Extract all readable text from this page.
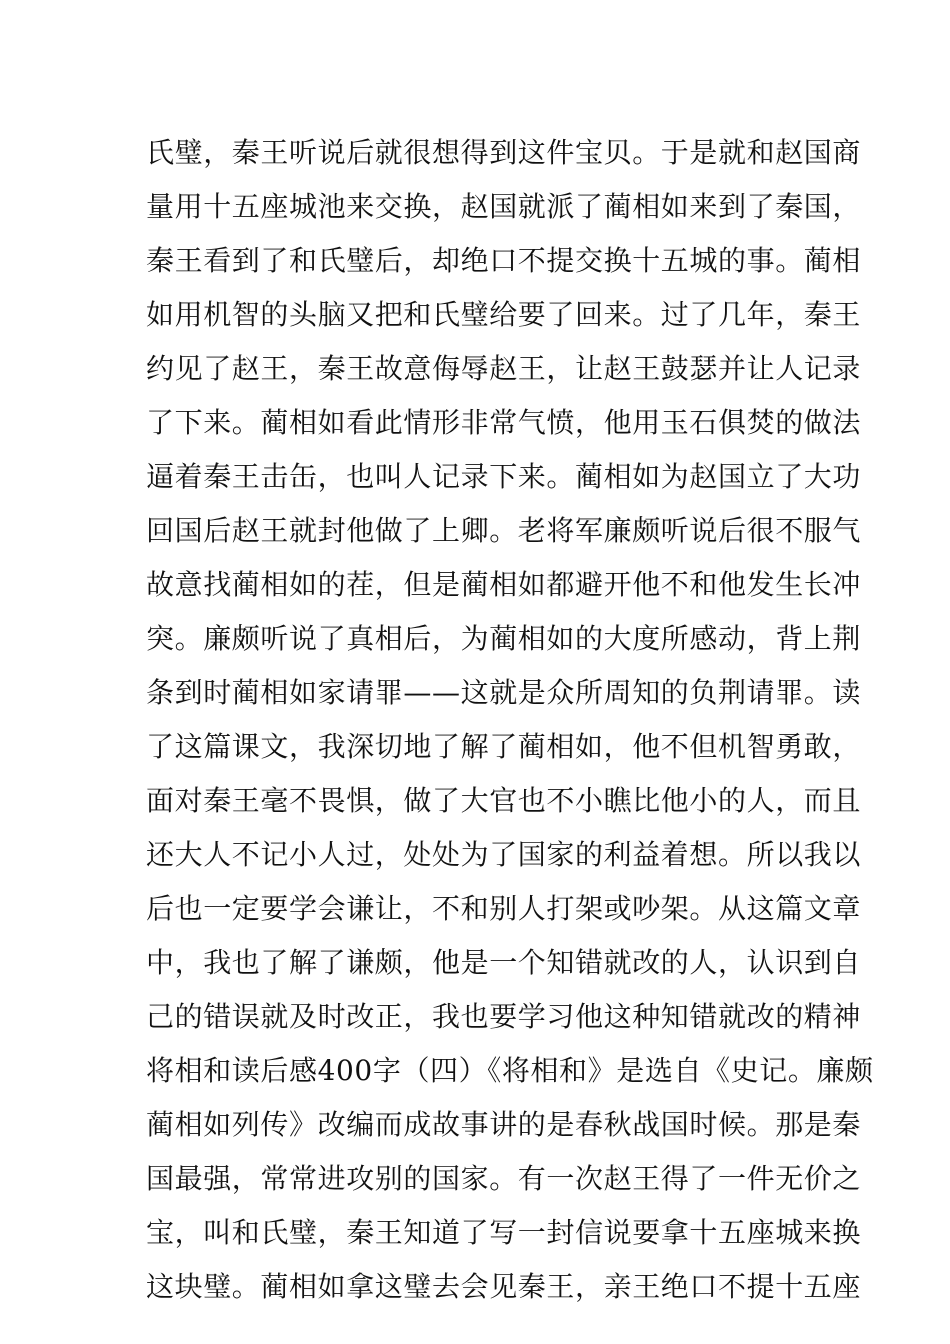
氏璧，秦王听说后就很想得到这件宝贝。于是就和赵国商
量用十五座城池来交换，赵国就派了蔺相如来到了秦国，
秦王看到了和氏璧后，却绝口不提交换十五城的事。蔺相
如用机智的头脑又把和氏璧给要了回来。过了几年，秦王
约见了赵王，秦王故意侮辱赵王，让赵王鼓瑟并让人记录
了下来。蔺相如看此情形非常气愤，他用玉石俱焚的做法
逼着秦王击缶，也叫人记录下来。蔺相如为赵国立了大功
回国后赵王就封他做了上卿。老将军廉颇听说后很不服气
故意找蔺相如的茬，但是蔺相如都避开他不和他发生长冲
突。廉颇听说了真相后，为蔺相如的大度所感动，背上荆
条到时蔺相如家请罪——这就是众所周知的负荆请罪。读
了这篇课文，我深切地了解了蔺相如，他不但机智勇敢，
面对秦王毫不畏惧，做了大官也不小瞧比他小的人，而且
还大人不记小人过，处处为了国家的利益着想。所以我以
后也一定要学会谦让，不和别人打架或吵架。从这篇文章
中，我也了解了谦颇，他是一个知错就改的人，认识到自
己的错误就及时改正，我也要学习他这种知错就改的精神
将相和读后感400字（四）《将相和》是选自《史记。廉颇
蔺相如列传》改编而成故事讲的是春秋战国时候。那是秦
国最强，常常进攻别的国家。有一次赵王得了一件无价之
宝，叫和氏璧，秦王知道了写一封信说要拿十五座城来换
这块璧。蔺相如拿这璧去会见秦王，亲王绝口不提十五座
